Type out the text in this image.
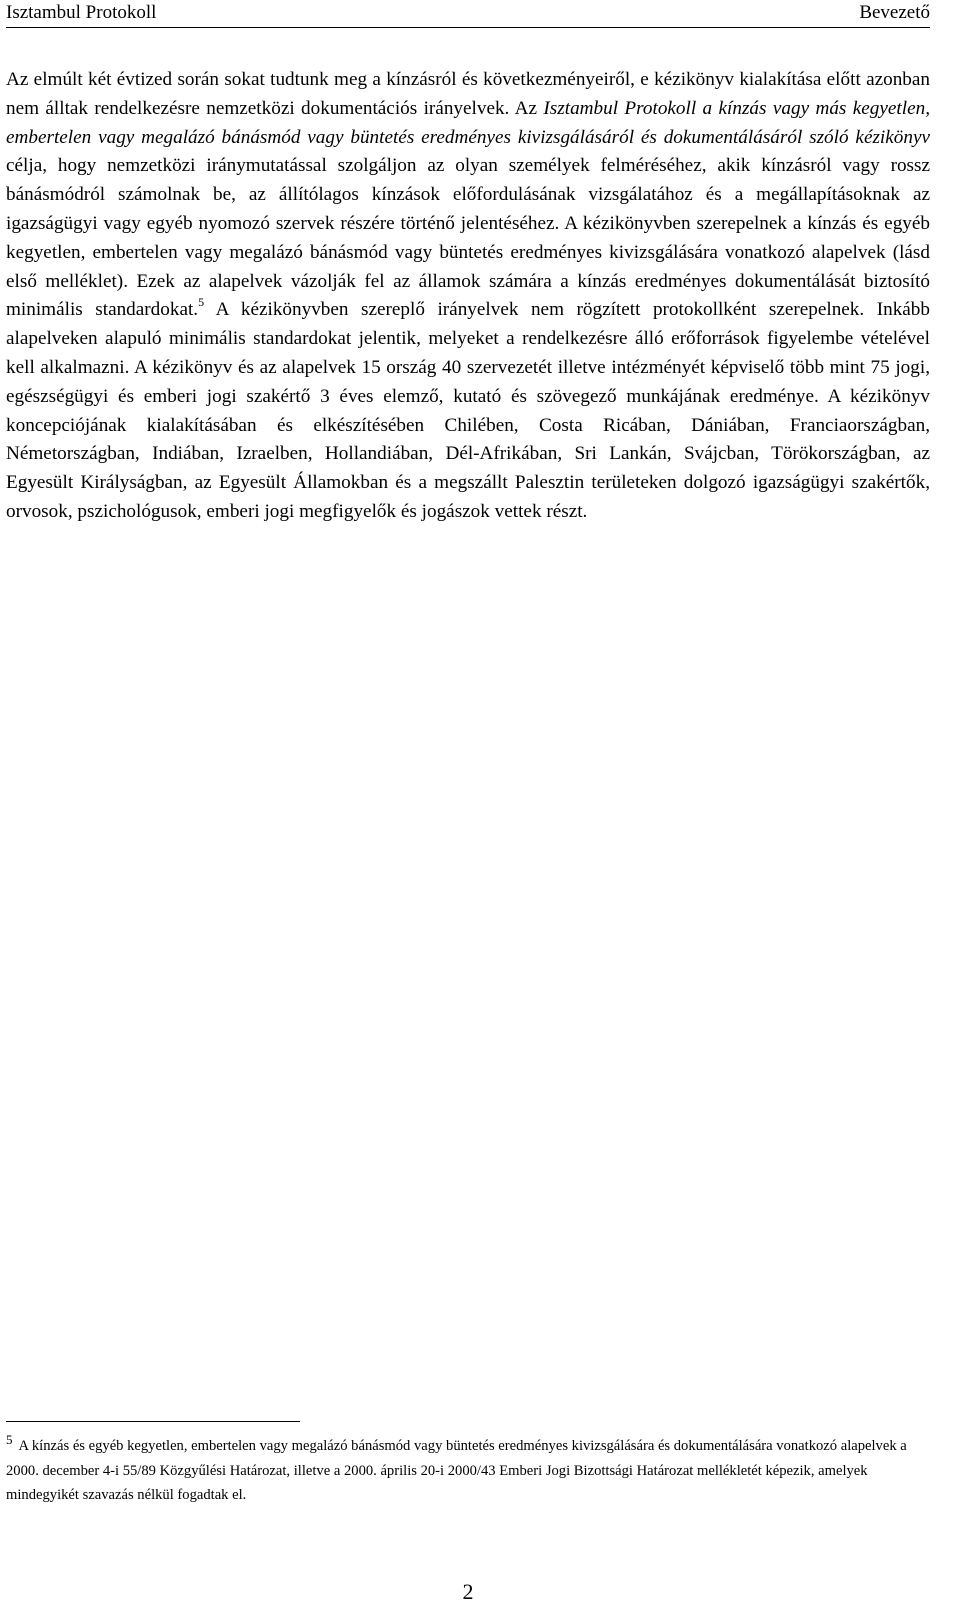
Isztambul Protokoll	Bevezető

Az elmúlt két évtized során sokat tudtunk meg a kínzásról és következményeiről, e kézikönyv kialakítása előtt azonban nem álltak rendelkezésre nemzetközi dokumentációs irányelvek. Az Isztambul Protokoll a kínzás vagy más kegyetlen, embertelen vagy megalázó bánásmód vagy büntetés eredményes kivizsgálásáról és dokumentálásáról szóló kézikönyv célja, hogy nemzetközi iránymutatással szolgáljon az olyan személyek felméréséhez, akik kínzásról vagy rossz bánásmódról számolnak be, az állítólagos kínzások előfordulásának vizsgálatához és a megállapításoknak az igazságügyi vagy egyéb nyomozó szervek részére történő jelentéséhez. A kézikönyvben szerepelnek a kínzás és egyéb kegyetlen, embertelen vagy megalázó bánásmód vagy büntetés eredményes kivizsgálására vonatkozó alapelvek (lásd első melléklet). Ezek az alapelvek vázolják fel az államok számára a kínzás eredményes dokumentálását biztosító minimális standardokat.$^5$ A kézikönyvben szereplő irányelvek nem rögzített protokollként szerepelnek. Inkább alapelveken alapuló minimális standardokat jelentik, melyeket a rendelkezésre álló erőforrások figyelembe vételével kell alkalmazni. A kézikönyv és az alapelvek 15 ország 40 szervezetét illetve intézményét képviselő több mint 75 jogi, egészségügyi és emberi jogi szakértő 3 éves elemző, kutató és szövegező munkájának eredménye. A kézikönyv koncepciójának kialakításában és elkészítésében Chilében, Costa Ricában, Dániában, Franciaországban, Németországban, Indiában, Izraelben, Hollandiában, Dél-Afrikában, Sri Lankán, Svájcban, Törökországban, az Egyesült Királyságban, az Egyesült Államokban és a megszállt Palesztin területeken dolgozó igazságügyi szakértők, orvosok, pszichológusok, emberi jogi megfigyelők és jogászok vettek részt.

$^5$ A kínzás és egyéb kegyetlen, embertelen vagy megalázó bánásmód vagy büntetés eredményes kivizsgálására és dokumentálására vonatkozó alapelvek a 2000. december 4-i 55/89 Közgyűlési Határozat, illetve a 2000. április 20-i 2000/43 Emberi Jogi Bizottsági Határozat mellékletét képezik, amelyek mindegyikét szavazás nélkül fogadtak el.

2
